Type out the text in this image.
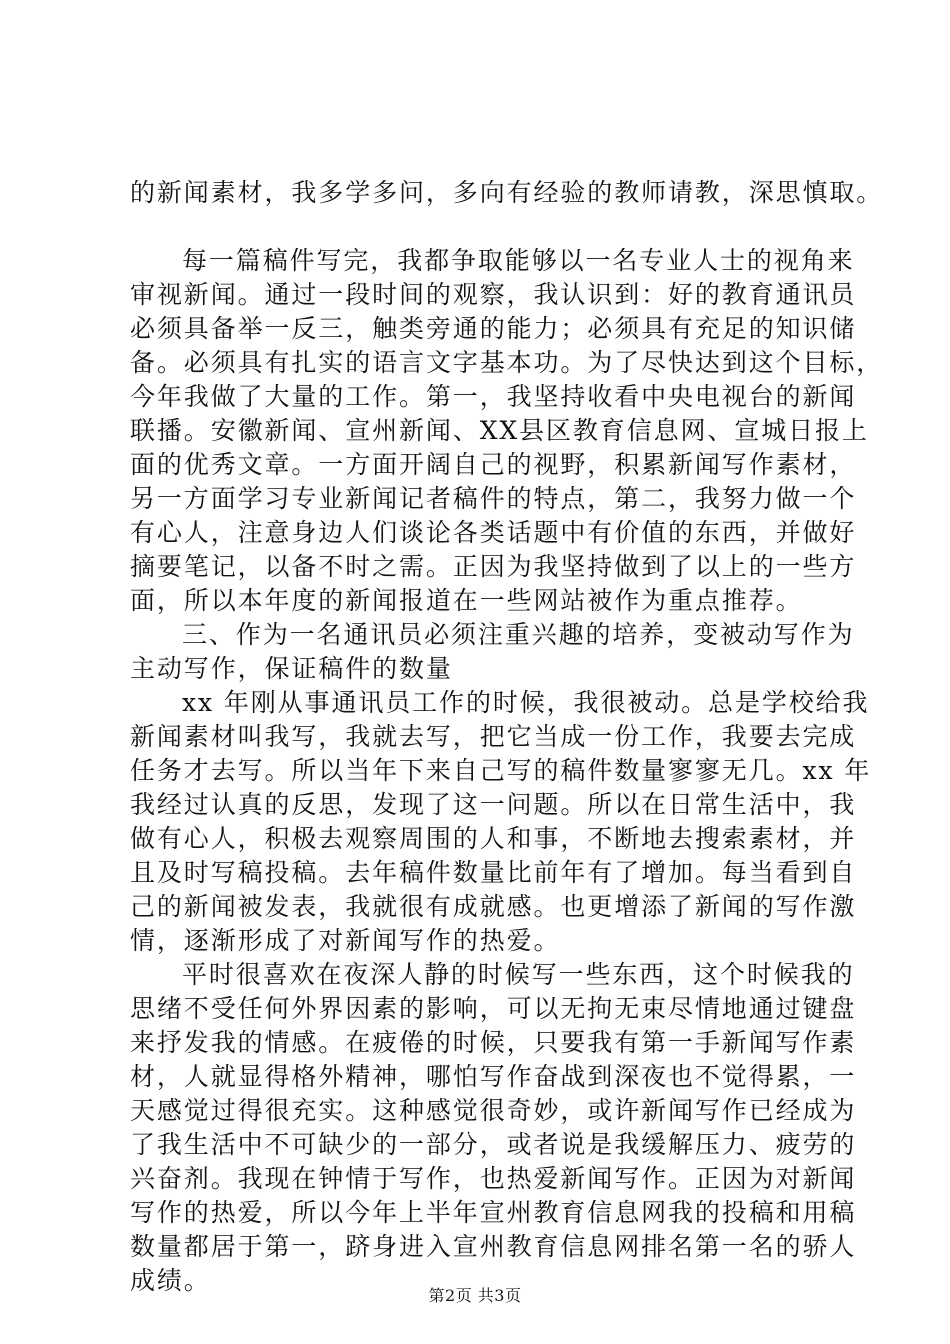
的新闻素材，我多学多问，多向有经验的教师请教，深思慎取。
每一篇稿件写完，我都争取能够以一名专业人士的视角来
审视新闻。通过一段时间的观察，我认识到：好的教育通讯员
必须具备举一反三，触类旁通的能力；必须具有充足的知识储
备。必须具有扎实的语言文字基本功。为了尽快达到这个目标，
今年我做了大量的工作。第一，我坚持收看中央电视台的新闻
联播。安徽新闻、宣州新闻、XX县区教育信息网、宣城日报上
面的优秀文章。一方面开阔自己的视野，积累新闻写作素材，
另一方面学习专业新闻记者稿件的特点，第二，我努力做一个
有心人，注意身边人们谈论各类话题中有价值的东西，并做好
摘要笔记，以备不时之需。正因为我坚持做到了以上的一些方
面，所以本年度的新闻报道在一些网站被作为重点推荐。
三、作为一名通讯员必须注重兴趣的培养，变被动写作为
主动写作，保证稿件的数量
xx 年刚从事通讯员工作的时候，我很被动。总是学校给我
新闻素材叫我写，我就去写，把它当成一份工作，我要去完成
任务才去写。所以当年下来自己写的稿件数量寥寥无几。xx 年
我经过认真的反思，发现了这一问题。所以在日常生活中，我
做有心人，积极去观察周围的人和事，不断地去搜索素材，并
且及时写稿投稿。去年稿件数量比前年有了增加。每当看到自
己的新闻被发表，我就很有成就感。也更增添了新闻的写作激
情，逐渐形成了对新闻写作的热爱。
平时很喜欢在夜深人静的时候写一些东西，这个时候我的
思绪不受任何外界因素的影响，可以无拘无束尽情地通过键盘
来抒发我的情感。在疲倦的时候，只要我有第一手新闻写作素
材，人就显得格外精神，哪怕写作奋战到深夜也不觉得累，一
天感觉过得很充实。这种感觉很奇妙，或许新闻写作已经成为
了我生活中不可缺少的一部分，或者说是我缓解压力、疲劳的
兴奋剂。我现在钟情于写作，也热爱新闻写作。正因为对新闻
写作的热爱，所以今年上半年宣州教育信息网我的投稿和用稿
数量都居于第一，跻身进入宣州教育信息网排名第一名的骄人
成绩。
第2页 共3页
